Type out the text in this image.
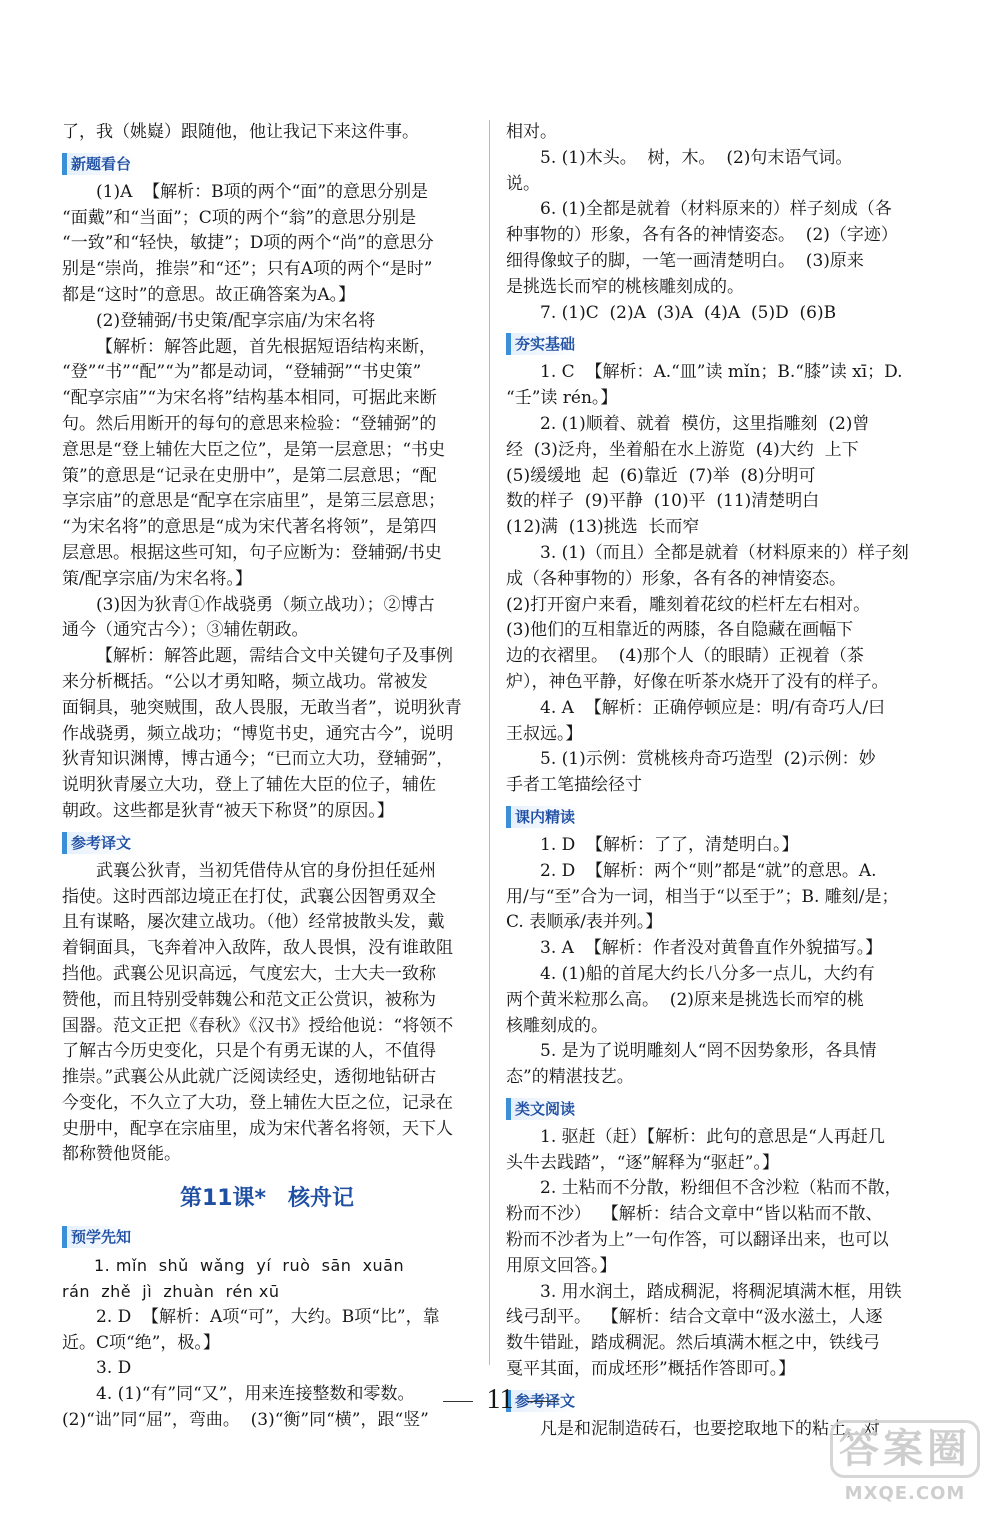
了，我（姚嶷）跟随他，他让我记下来这件事。
新题看台
(1)A  【解析：B项的两个“面”的意思分别是
“面戴”和“当面”；C项的两个“翁”的意思分别是
“一致”和“轻快，敏捷”；D项的两个“尚”的意思分
别是“崇尚，推崇”和“还”；只有A项的两个“是时”
都是“这时”的意思。故正确答案为A。】
(2)登辅弼/书史策/配享宗庙/为宋名将
【解析：解答此题，首先根据短语结构来断，
“登”“书”“配”“为”都是动词，“登辅弼”“书史策”
“配享宗庙”“为宋名将”结构基本相同，可据此来断
句。然后用断开的每句的意思来检验：“登辅弼”的
意思是“登上辅佐大臣之位”，是第一层意思；“书史
策”的意思是“记录在史册中”，是第二层意思；“配
享宗庙”的意思是“配享在宗庙里”，是第三层意思；
“为宋名将”的意思是“成为宋代著名将领”，是第四
层意思。根据这些可知，句子应断为：登辅弼/书史
策/配享宗庙/为宋名将。】
(3)因为狄青①作战骁勇（频立战功）；②博古
通今（通究古今）；③辅佐朝政。
【解析：解答此题，需结合文中关键句子及事例
来分析概括。“公以才勇知略，频立战功。常被发
面铜具，驰突贼围，敌人畏服，无敢当者”，说明狄青
作战骁勇，频立战功；“博览书史，通究古今”，说明
狄青知识渊博，博古通今；“已而立大功，登辅弼”，
说明狄青屡立大功，登上了辅佐大臣的位子，辅佐
朝政。这些都是狄青“被天下称贤”的原因。】
参考译文
武襄公狄青，当初凭借侍从官的身份担任延州
指使。这时西部边境正在打仗，武襄公因智勇双全
且有谋略，屡次建立战功。（他）经常披散头发，戴
着铜面具，飞奔着冲入敌阵，敌人畏惧，没有谁敢阻
挡他。武襄公见识高远，气度宏大，士大夫一致称
赞他，而且特别受韩魏公和范文正公赏识，被称为
国器。范文正把《春秋》《汉书》授给他说：“将领不
了解古今历史变化，只是个有勇无谋的人，不值得
推崇。”武襄公从此就广泛阅读经史，透彻地钻研古
今变化，不久立了大功，登上辅佐大臣之位，记录在
史册中，配享在宗庙里，成为宋代著名将领，天下人
都称赞他贤能。
第11课*　核舟记
预学先知
1. mǐn  shǔ  wǎng  yí  ruò  sān  xuān
rán  zhě  jì  zhuàn  rén xū
2. D  【解析：A项“可”，大约。B项“比”，靠
近。C项“绝”，极。】
3. D
4. (1)“有”同“又”，用来连接整数和零数。
(2)“诎”同“屈”，弯曲。  (3)“衡”同“横”，跟“竖”
相对。
5. (1)木头。  树，木。  (2)句末语气词。
说。
6. (1)全都是就着（材料原来的）样子刻成（各
种事物的）形象，各有各的神情姿态。  (2)（字迹）
细得像蚊子的脚，一笔一画清楚明白。  (3)原来
是挑选长而窄的桃核雕刻成的。
7. (1)C  (2)A  (3)A  (4)A  (5)D  (6)B
夯实基础
1. C  【解析：A.“皿”读 mǐn；B.“膝”读 xī；D.
“壬”读 rén。】
2. (1)顺着、就着  模仿，这里指雕刻  (2)曾
经  (3)泛舟，坐着船在水上游览  (4)大约  上下
(5)缓缓地  起  (6)靠近  (7)举  (8)分明可
数的样子  (9)平静  (10)平  (11)清楚明白
(12)满  (13)挑选  长而窄
3. (1)（而且）全都是就着（材料原来的）样子刻
成（各种事物的）形象，各有各的神情姿态。
(2)打开窗户来看，雕刻着花纹的栏杆左右相对。
(3)他们的互相靠近的两膝，各自隐藏在画幅下
边的衣褶里。  (4)那个人（的眼睛）正视着（茶
炉），神色平静，好像在听茶水烧开了没有的样子。
4. A  【解析：正确停顿应是：明/有奇巧人/曰
王叔远。】
5. (1)示例：赏桃核舟奇巧造型  (2)示例：妙
手者工笔描绘径寸
课内精读
1. D  【解析：了了，清楚明白。】
2. D  【解析：两个“则”都是“就”的意思。A.
用/与“至”合为一词，相当于“以至于”；B. 雕刻/是；
C. 表顺承/表并列。】
3. A  【解析：作者没对黄鲁直作外貌描写。】
4. (1)船的首尾大约长八分多一点儿，大约有
两个黄米粒那么高。  (2)原来是挑选长而窄的桃
核雕刻成的。
5. 是为了说明雕刻人“罔不因势象形，各具情
态”的精湛技艺。
类文阅读
1. 驱赶（赶）【解析：此句的意思是“人再赶几
头牛去践踏”，“逐”解释为“驱赶”。】
2. 土粘而不分散，粉细但不含沙粒（粘而不散，
粉而不沙）  【解析：结合文章中“皆以粘而不散、
粉而不沙者为上”一句作答，可以翻译出来，也可以
用原文回答。】
3. 用水润土，踏成稠泥，将稠泥填满木框，用铁
线弓刮平。  【解析：结合文章中“汲水滋土，人逐
数牛错趾，踏成稠泥。然后填满木框之中，铁线弓
戛平其面，而成坯形”概括作答即可。】
参考译文
凡是和泥制造砖石，也要挖取地下的粘土，对
11
答案圈
MXQE.COM
